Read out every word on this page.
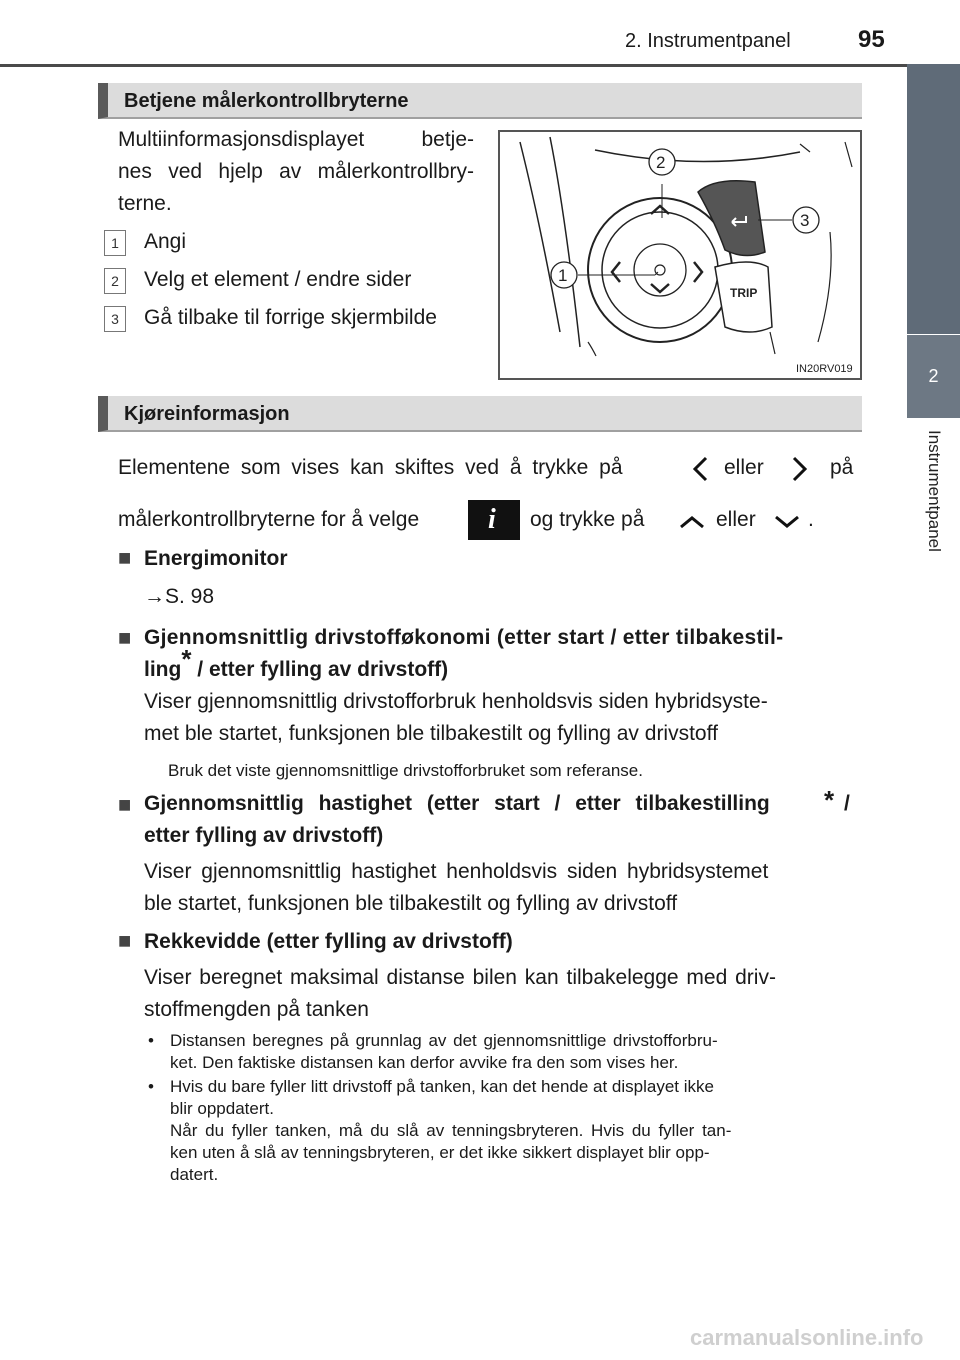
2. Instrumentpanel	95
2
Instrumentpanel
Betjene målerkontrollbryterne
Multiinformasjonsdisplayet betje-
nes ved hjelp av målerkontrollbry-
terne.
1	Angi
2	Velg et element / endre sider
3	Gå tilbake til forrige skjermbilde
TRIP
2
3
1
IN20RV019
Kjøreinformasjon
Elementene som vises kan skiftes ved å trykke på	eller	på
målerkontrollbryterne for å velge i og trykke på	eller .
■ Energimonitor
→S. 98
■ Gjennomsnittlig drivstofføkonomi (etter start / etter tilbakestil-
ling* / etter fylling av drivstoff)
Viser gjennomsnittlig drivstofforbruk henholdsvis siden hybridsyste-
met ble startet, funksjonen ble tilbakestilt og fylling av drivstoff
Bruk det viste gjennomsnittlige drivstofforbruket som referanse.
■ Gjennomsnittlig hastighet (etter start / etter tilbakestilling * /
etter fylling av drivstoff)
Viser gjennomsnittlig hastighet henholdsvis siden hybridsystemet
ble startet, funksjonen ble tilbakestilt og fylling av drivstoff
■ Rekkevidde (etter fylling av drivstoff)
Viser beregnet maksimal distanse bilen kan tilbakelegge med driv-
stoffmengden på tanken
• Distansen beregnes på grunnlag av det gjennomsnittlige drivstofforbru-
ket. Den faktiske distansen kan derfor avvike fra den som vises her.
• Hvis du bare fyller litt drivstoff på tanken, kan det hende at displayet ikke
blir oppdatert.
Når du fyller tanken, må du slå av tenningsbryteren. Hvis du fyller tan-
ken uten å slå av tenningsbryteren, er det ikke sikkert displayet blir opp-
datert.
carmanualsonline.info
